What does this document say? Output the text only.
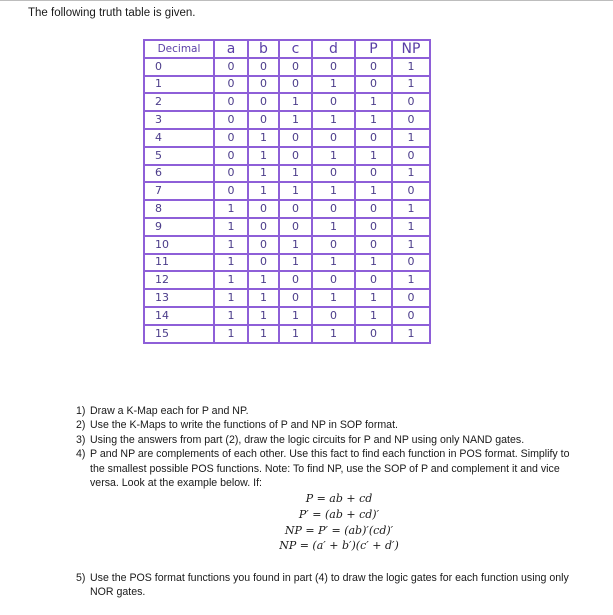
The following truth table is given.
Decimal	a	b	c	d	P	NP
0	0	0	0	0	0	1
1	0	0	0	1	0	1
2	0	0	1	0	1	0
3	0	0	1	1	1	0
4	0	1	0	0	0	1
5	0	1	0	1	1	0
6	0	1	1	0	0	1
7	0	1	1	1	1	0
8	1	0	0	0	0	1
9	1	0	0	1	0	1
10	1	0	1	0	0	1
11	1	0	1	1	1	0
12	1	1	0	0	0	1
13	1	1	0	1	1	0
14	1	1	1	0	1	0
15	1	1	1	1	0	1
1) Draw a K-Map each for P and NP.
2) Use the K-Maps to write the functions of P and NP in SOP format.
3) Using the answers from part (2), draw the logic circuits for P and NP using only NAND gates.
4) P and NP are complements of each other. Use this fact to find each function in POS format. Simplify to the smallest possible POS functions. Note: To find NP, use the SOP of P and complement it and vice versa. Look at the example below. If:
P = ab + cd
P′ = (ab + cd)′
NP = P′ = (ab)′(cd)′
NP = (a′ + b′)(c′ + d′)
5) Use the POS format functions you found in part (4) to draw the logic gates for each function using only NOR gates.
